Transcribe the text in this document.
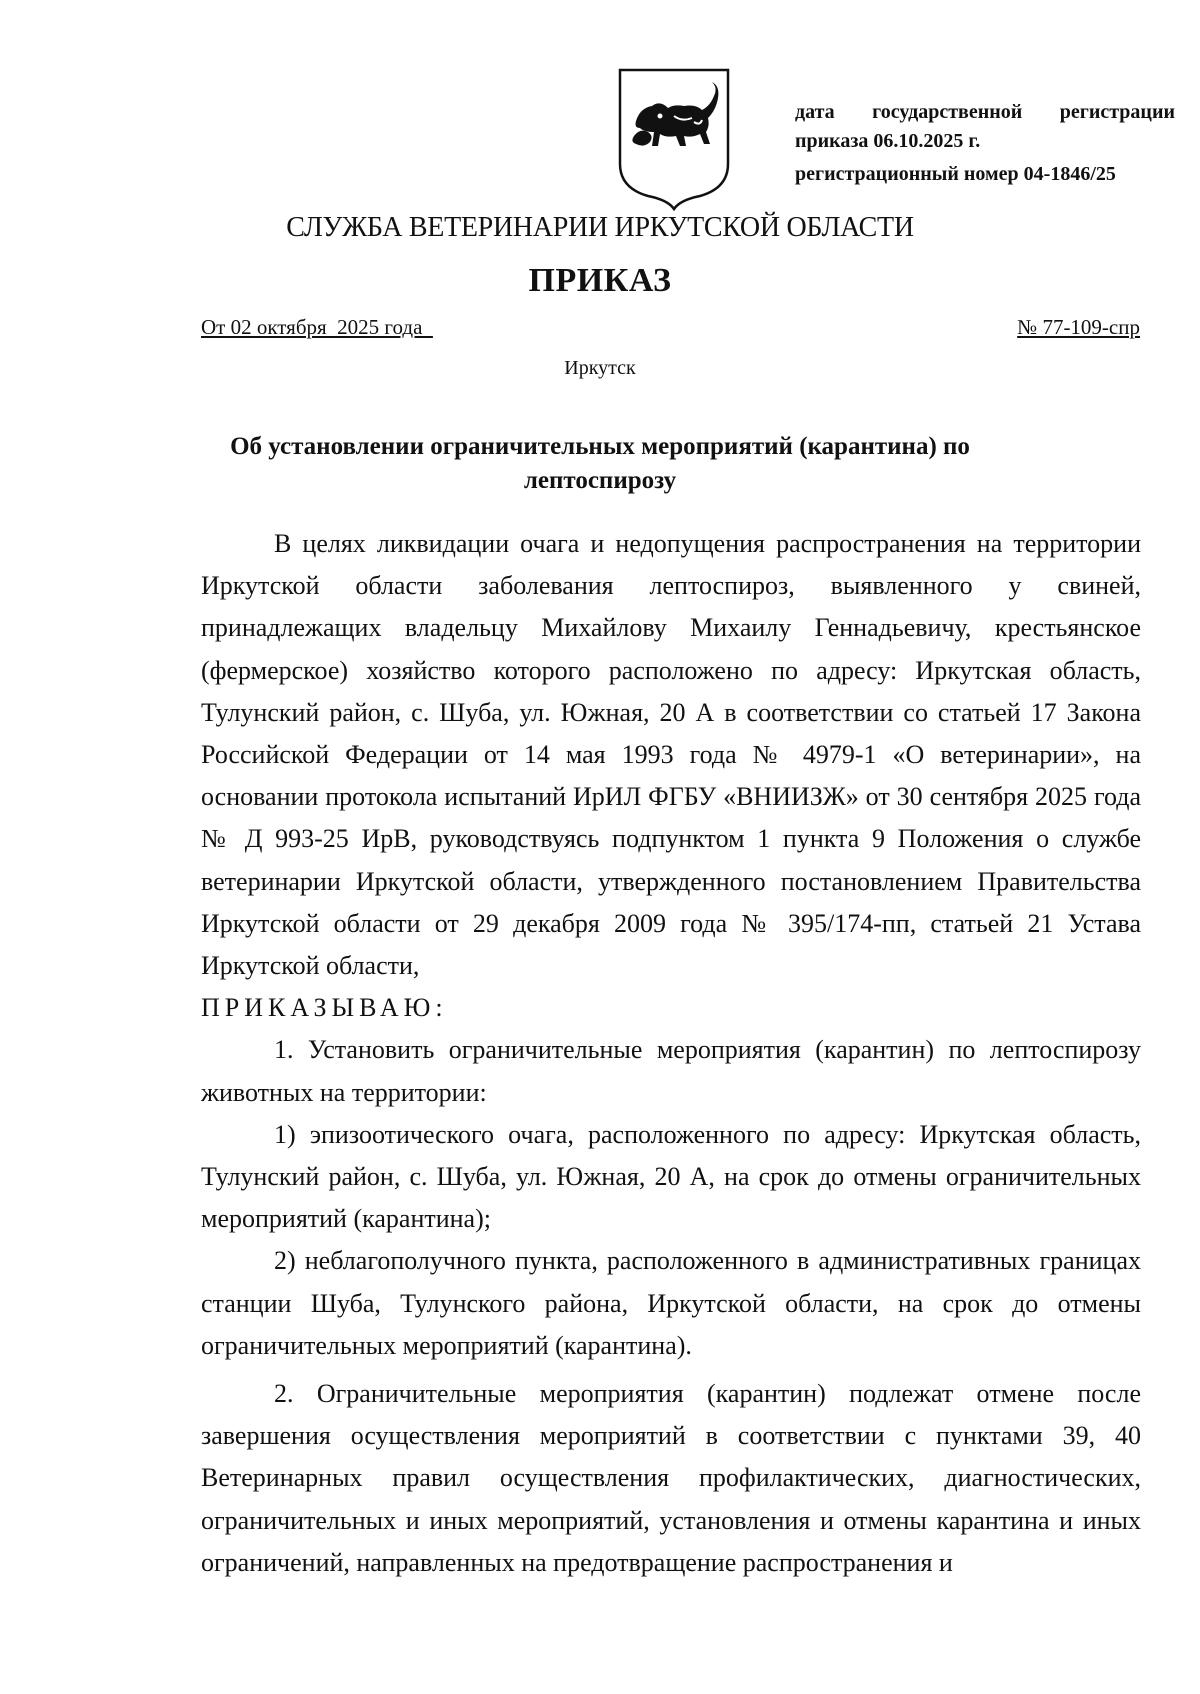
дата государственной регистрации
приказа 06.10.2025 г.
регистрационный номер 04-1846/25
СЛУЖБА ВЕТЕРИНАРИИ ИРКУТСКОЙ ОБЛАСТИ
ПРИКАЗ
От 02 октября  2025 года	№ 77-109-спр
Иркутск
Об установлении ограничительных мероприятий (карантина) по лептоспирозу

В целях ликвидации очага и недопущения распространения на территории Иркутской области заболевания лептоспироз, выявленного у свиней, принадлежащих владельцу Михайлову Михаилу Геннадьевичу, крестьянское (фермерское) хозяйство которого расположено по адресу: Иркутская область, Тулунский район, с. Шуба, ул. Южная, 20 А в соответствии со статьей 17 Закона Российской Федерации от 14 мая 1993 года № 4979-1 «О ветеринарии», на основании протокола испытаний ИрИЛ ФГБУ «ВНИИЗЖ» от 30 сентября 2025 года № Д 993-25 ИрВ, руководствуясь подпунктом 1 пункта 9 Положения о службе ветеринарии Иркутской области, утвержденного постановлением Правительства Иркутской области от 29 декабря 2009 года № 395/174-пп, статьей 21 Устава Иркутской области,

ПРИКАЗЫВАЮ:

1. Установить ограничительные мероприятия (карантин) по лептоспирозу животных на территории:

1) эпизоотического очага, расположенного по адресу: Иркутская область, Тулунский район, с. Шуба, ул. Южная, 20 А, на срок до отмены ограничительных мероприятий (карантина);

2) неблагополучного пункта, расположенного в административных границах станции Шуба, Тулунского района, Иркутской области, на срок до отмены ограничительных мероприятий (карантина).

2. Ограничительные мероприятия (карантин) подлежат отмене после завершения осуществления мероприятий в соответствии с пунктами 39, 40 Ветеринарных правил осуществления профилактических, диагностических, ограничительных и иных мероприятий, установления и отмены карантина и иных ограничений, направленных на предотвращение распространения и
